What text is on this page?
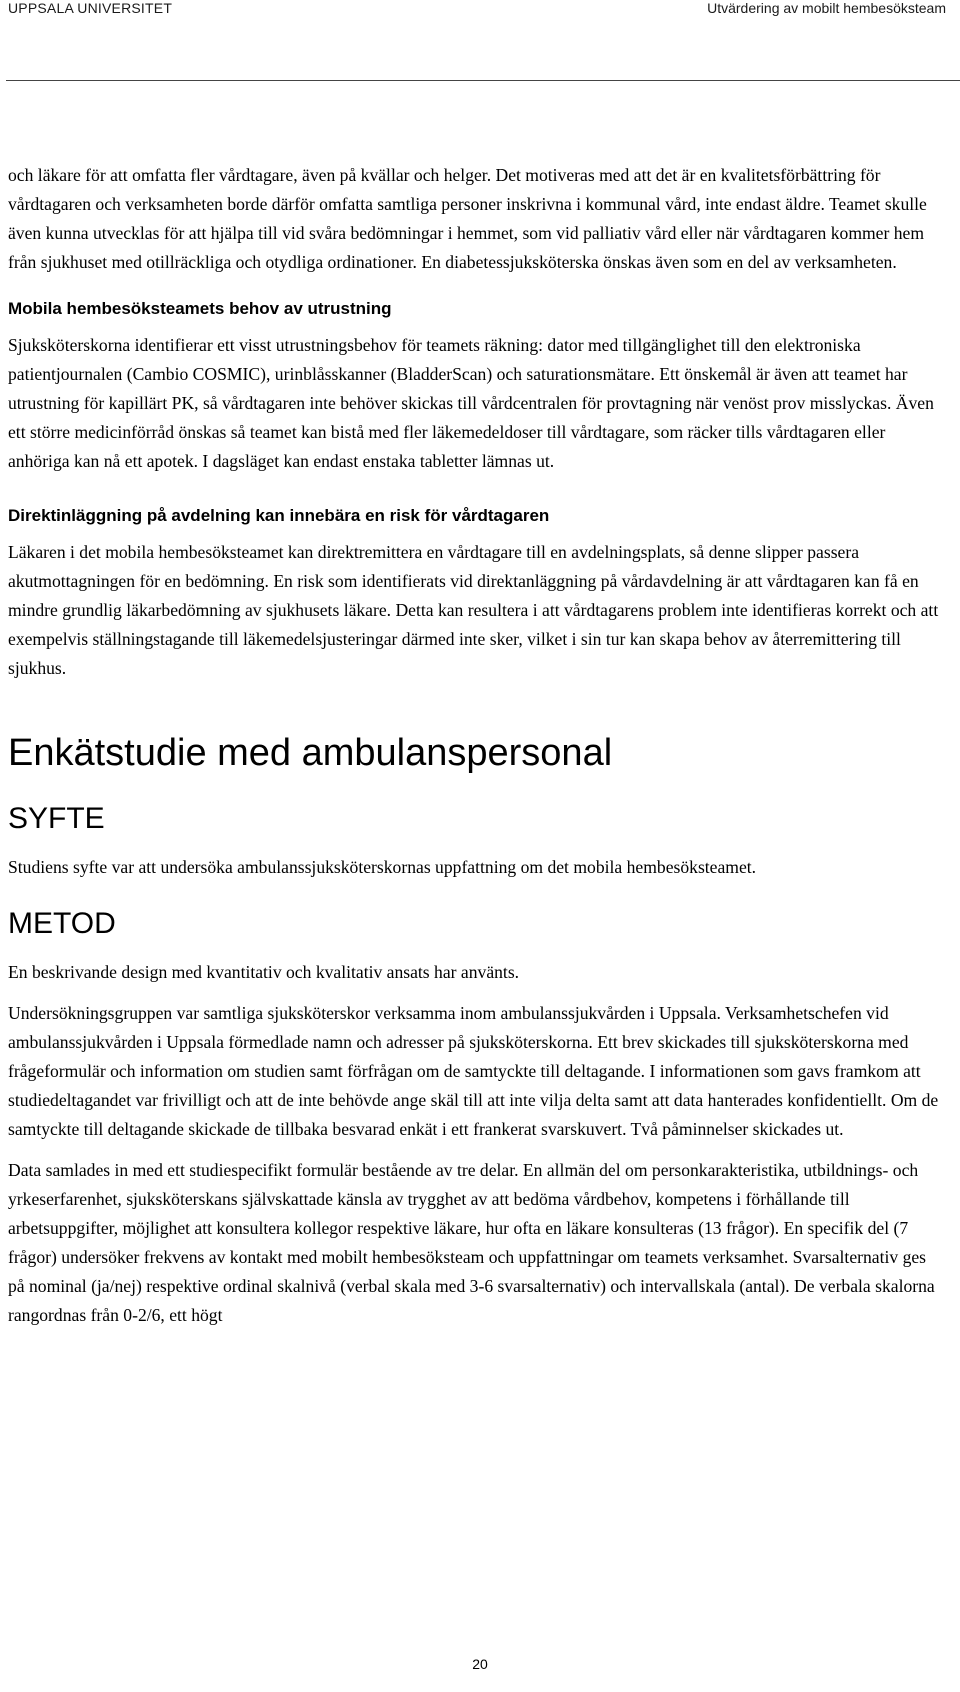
UPPSALA UNIVERSITET	Utvärdering av mobilt hembesöksteam

och läkare för att omfatta fler vårdtagare, även på kvällar och helger. Det motiveras med att det är en kvalitetsförbättring för vårdtagaren och verksamheten borde därför omfatta samtliga personer inskrivna i kommunal vård, inte endast äldre. Teamet skulle även kunna utvecklas för att hjälpa till vid svåra bedömningar i hemmet, som vid palliativ vård eller när vårdtagaren kommer hem från sjukhuset med otillräckliga och otydliga ordinationer. En diabetessjuksköterska önskas även som en del av verksamheten.

Mobila hembesöksteamets behov av utrustning

Sjuksköterskorna identifierar ett visst utrustningsbehov för teamets räkning: dator med tillgänglighet till den elektroniska patientjournalen (Cambio COSMIC), urinblåsskanner (BladderScan) och saturationsmätare. Ett önskemål är även att teamet har utrustning för kapillärt PK, så vårdtagaren inte behöver skickas till vårdcentralen för provtagning när venöst prov misslyckas. Även ett större medicinförråd önskas så teamet kan bistå med fler läkemedeldoser till vårdtagare, som räcker tills vårdtagaren eller anhöriga kan nå ett apotek. I dagsläget kan endast enstaka tabletter lämnas ut.

Direktinläggning på avdelning kan innebära en risk för vårdtagaren

Läkaren i det mobila hembesöksteamet kan direktremittera en vårdtagare till en avdelningsplats, så denne slipper passera akutmottagningen för en bedömning. En risk som identifierats vid direktanläggning på vårdavdelning är att vårdtagaren kan få en mindre grundlig läkarbedömning av sjukhusets läkare. Detta kan resultera i att vårdtagarens problem inte identifieras korrekt och att exempelvis ställningstagande till läkemedelsjusteringar därmed inte sker, vilket i sin tur kan skapa behov av återremittering till sjukhus.

Enkätstudie med ambulanspersonal
SYFTE

Studiens syfte var att undersöka ambulanssjuksköterskornas uppfattning om det mobila hembesöksteamet.

METOD

En beskrivande design med kvantitativ och kvalitativ ansats har använts.

Undersökningsgruppen var samtliga sjuksköterskor verksamma inom ambulanssjukvården i Uppsala. Verksamhetschefen vid ambulanssjukvården i Uppsala förmedlade namn och adresser på sjuksköterskorna. Ett brev skickades till sjuksköterskorna med frågeformulär och information om studien samt förfrågan om de samtyckte till deltagande. I informationen som gavs framkom att studiedeltagandet var frivilligt och att de inte behövde ange skäl till att inte vilja delta samt att data hanterades konfidentiellt. Om de samtyckte till deltagande skickade de tillbaka besvarad enkät i ett frankerat svarskuvert. Två påminnelser skickades ut.

Data samlades in med ett studiespecifikt formulär bestående av tre delar. En allmän del om personkarakteristika, utbildnings- och yrkeserfarenhet, sjuksköterskans självskattade känsla av trygghet av att bedöma vårdbehov, kompetens i förhållande till arbetsuppgifter, möjlighet att konsultera kollegor respektive läkare, hur ofta en läkare konsulteras (13 frågor). En specifik del (7 frågor) undersöker frekvens av kontakt med mobilt hembesöksteam och uppfattningar om teamets verksamhet. Svarsalternativ ges på nominal (ja/nej) respektive ordinal skalnivå (verbal skala med 3-6 svarsalternativ) och intervallskala (antal). De verbala skalorna rangordnas från 0-2/6, ett högt

20
